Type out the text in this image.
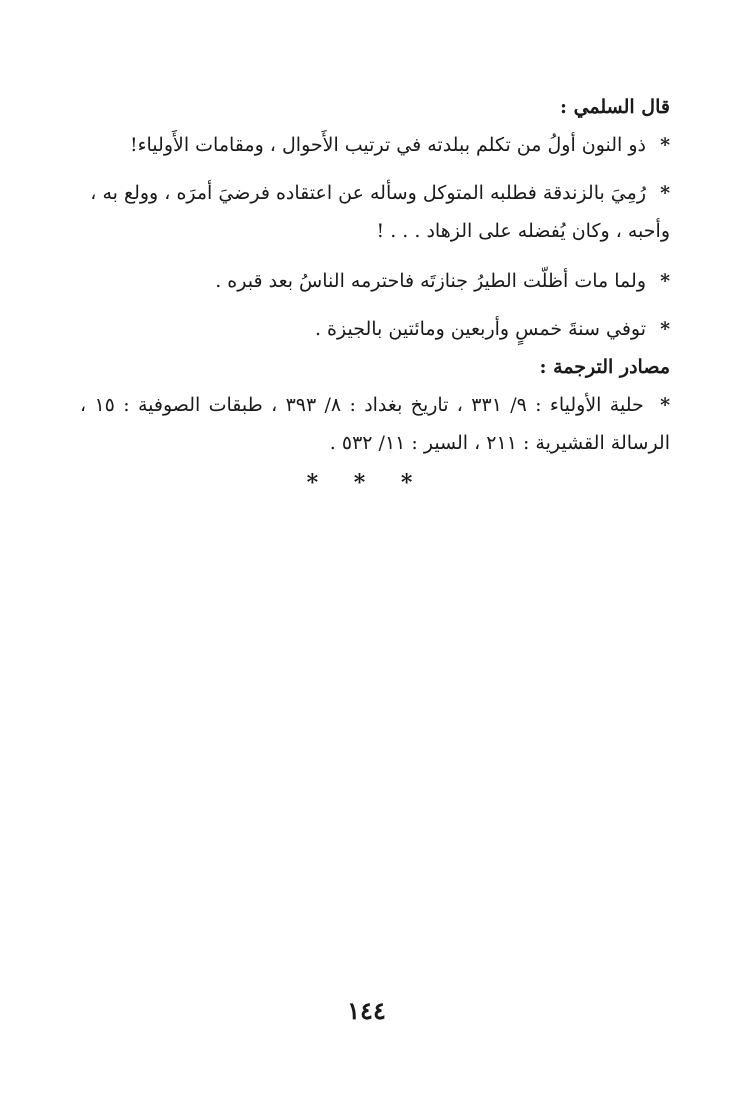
قال السلمي :

* ذو النون أولُ من تكلم ببلدته في ترتيب الأَحوال ، ومقامات الأَولياء!

* رُمِيَ بالزندقة فطلبه المتوكل وسأله عن اعتقاده فرضيَ أمرَه ، وولع به ، وأحبه ، وكان يُفضله على الزهاد . . . !

* ولما مات أظلّت الطيرُ جنازتَه فاحترمه الناسُ بعد قبره .

* توفي سنةَ خمسٍ وأربعين ومائتين بالجيزة .

مصادر الترجمة :

* حلية الأولياء : ٩/ ٣٣١ ، تاريخ بغداد : ٨/ ٣٩٣ ، طبقات الصوفية : ١٥ ، الرسالة القشيرية : ٢١١ ، السير : ١١/ ٥٣٢ .

* * *
١٤٤
